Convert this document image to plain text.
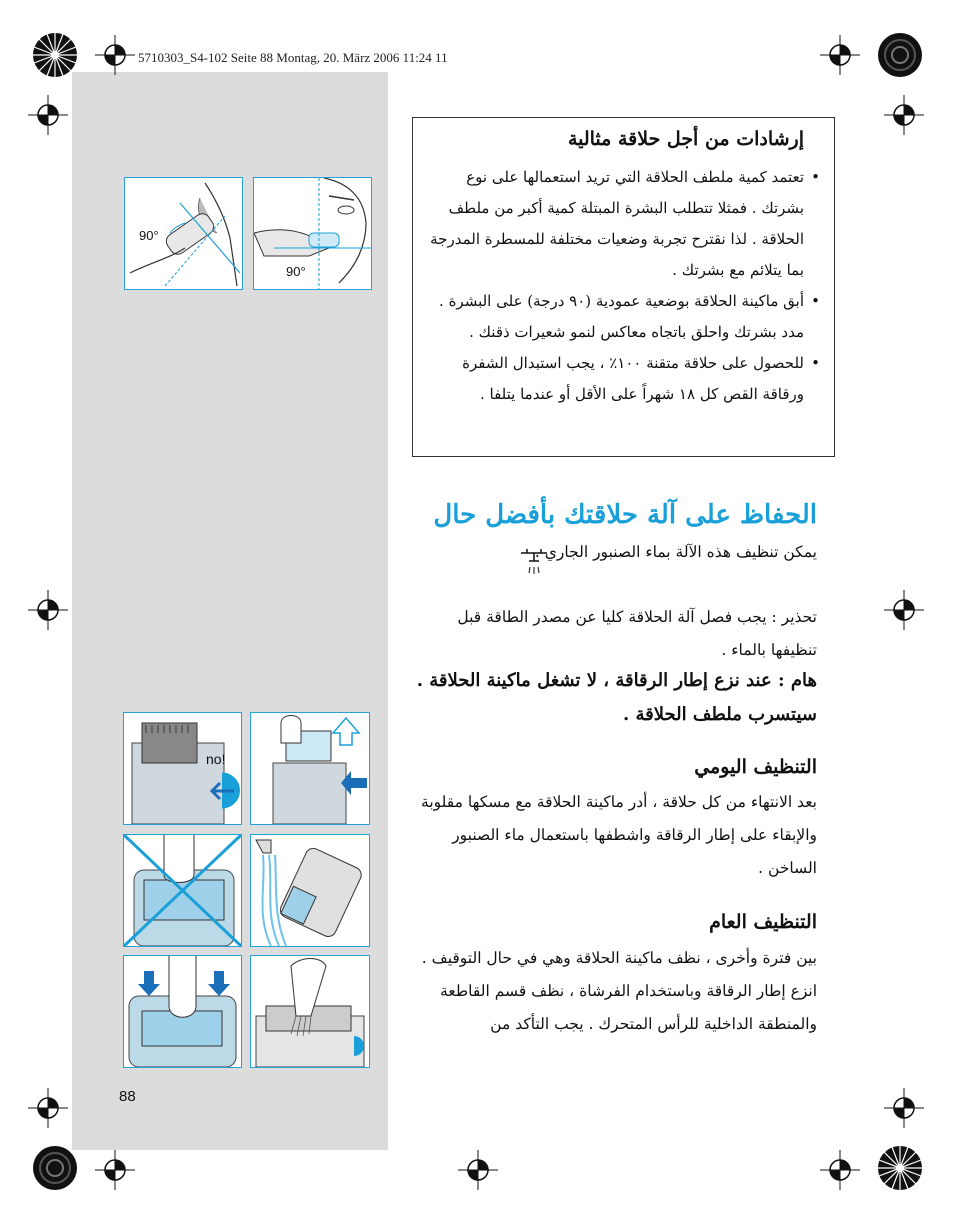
5710303_S4-102 Seite 88 Montag, 20. März 2006 11:24 11
90°
90°
إرشادات من أجل حلاقة مثالية
• تعتمد كمية ملطف الحلاقة التي تريد استعمالها على نوع بشرتك . فمثلا تتطلب البشرة المبتلة كمية أكبر من ملطف الحلاقة . لذا نقترح تجربة وضعيات مختلفة للمسطرة المدرجة بما يتلائم مع بشرتك .
• أبق ماكينة الحلاقة بوضعية عمودية (٩٠ درجة) على البشرة . مدد بشرتك واحلق باتجاه معاكس لنمو شعيرات ذقنك .
• للحصول على حلاقة متقنة ١٠٠٪ ، يجب استبدال الشفرة ورقاقة القص كل ١٨ شهراً على الأقل أو عندما يتلفا .
الحفاظ على آلة حلاقتك بأفضل حال
يمكن تنظيف هذه الآلة بماء الصنبور الجاري .
تحذير : يجب فصل آلة الحلاقة كليا عن مصدر الطاقة قبل تنظيفها بالماء .
هام : عند نزع إطار الرقاقة ، لا تشغل ماكينة الحلاقة . سيتسرب ملطف الحلاقة .
التنظيف اليومي
بعد الانتهاء من كل حلاقة ، أدر ماكينة الحلاقة مع مسكها مقلوبة والإبقاء على إطار الرقاقة واشطفها باستعمال ماء الصنبور الساخن .
التنظيف العام
بين فترة وأخرى ، نظف ماكينة الحلاقة وهي في حال التوقيف . انزع إطار الرقاقة وباستخدام الفرشاة ، نظف قسم القاطعة والمنطقة الداخلية للرأس المتحرك . يجب التأكد من
no!
88
